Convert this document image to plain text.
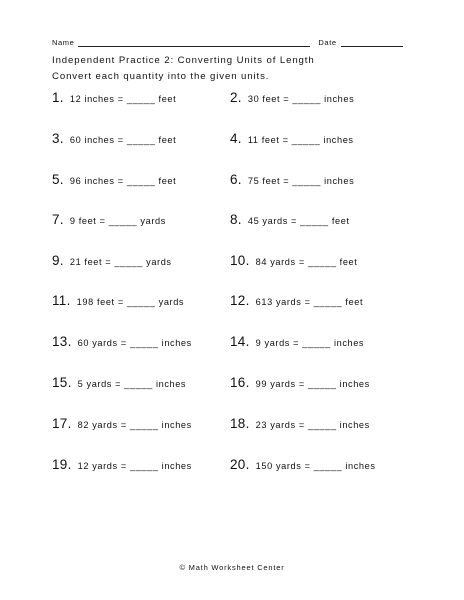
Name	Date
Independent Practice 2: Converting Units of Length
Convert each quantity into the given units.
1. 12 inches = _____ feet	2. 30 feet = _____ inches
3. 60 inches = _____ feet	4. 11 feet = _____ inches
5. 96 inches = _____ feet	6. 75 feet = _____ inches
7. 9 feet = _____ yards	8. 45 yards = _____ feet
9. 21 feet = _____ yards	10. 84 yards = _____ feet
11. 198 feet = _____ yards	12. 613 yards = _____ feet
13. 60 yards = _____ inches	14. 9 yards = _____ inches
15. 5 yards = _____ inches	16. 99 yards = _____ inches
17. 82 yards = _____ inches	18. 23 yards = _____ inches
19. 12 yards = _____ inches	20. 150 yards = _____ inches
© Math Worksheet Center
